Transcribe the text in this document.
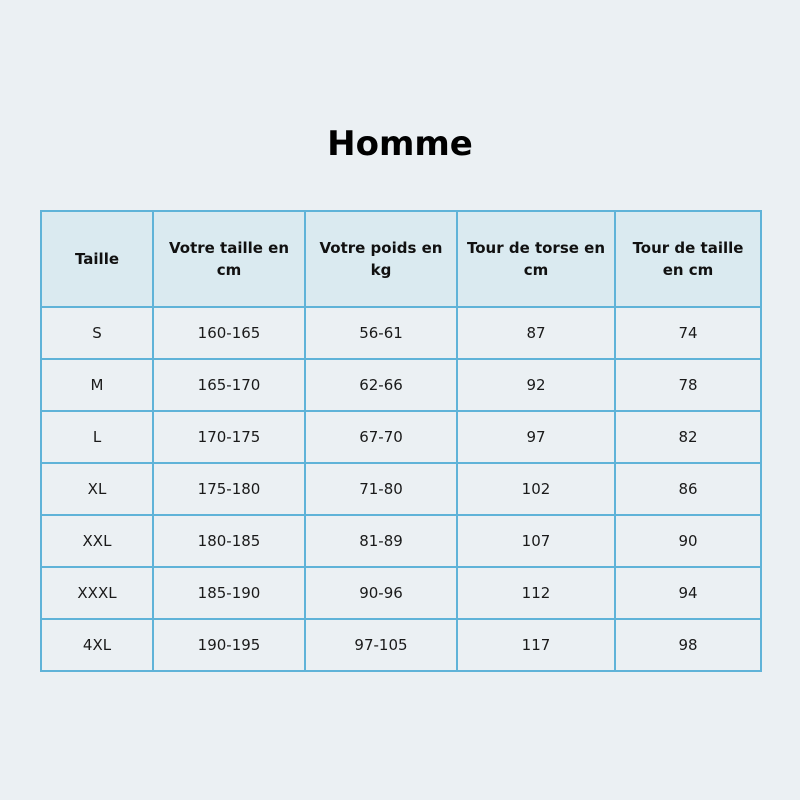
Homme
Taille	Votre taille en cm	Votre poids en kg	Tour de torse en cm	Tour de taille en cm
S	160-165	56-61	87	74
M	165-170	62-66	92	78
L	170-175	67-70	97	82
XL	175-180	71-80	102	86
XXL	180-185	81-89	107	90
XXXL	185-190	90-96	112	94
4XL	190-195	97-105	117	98
